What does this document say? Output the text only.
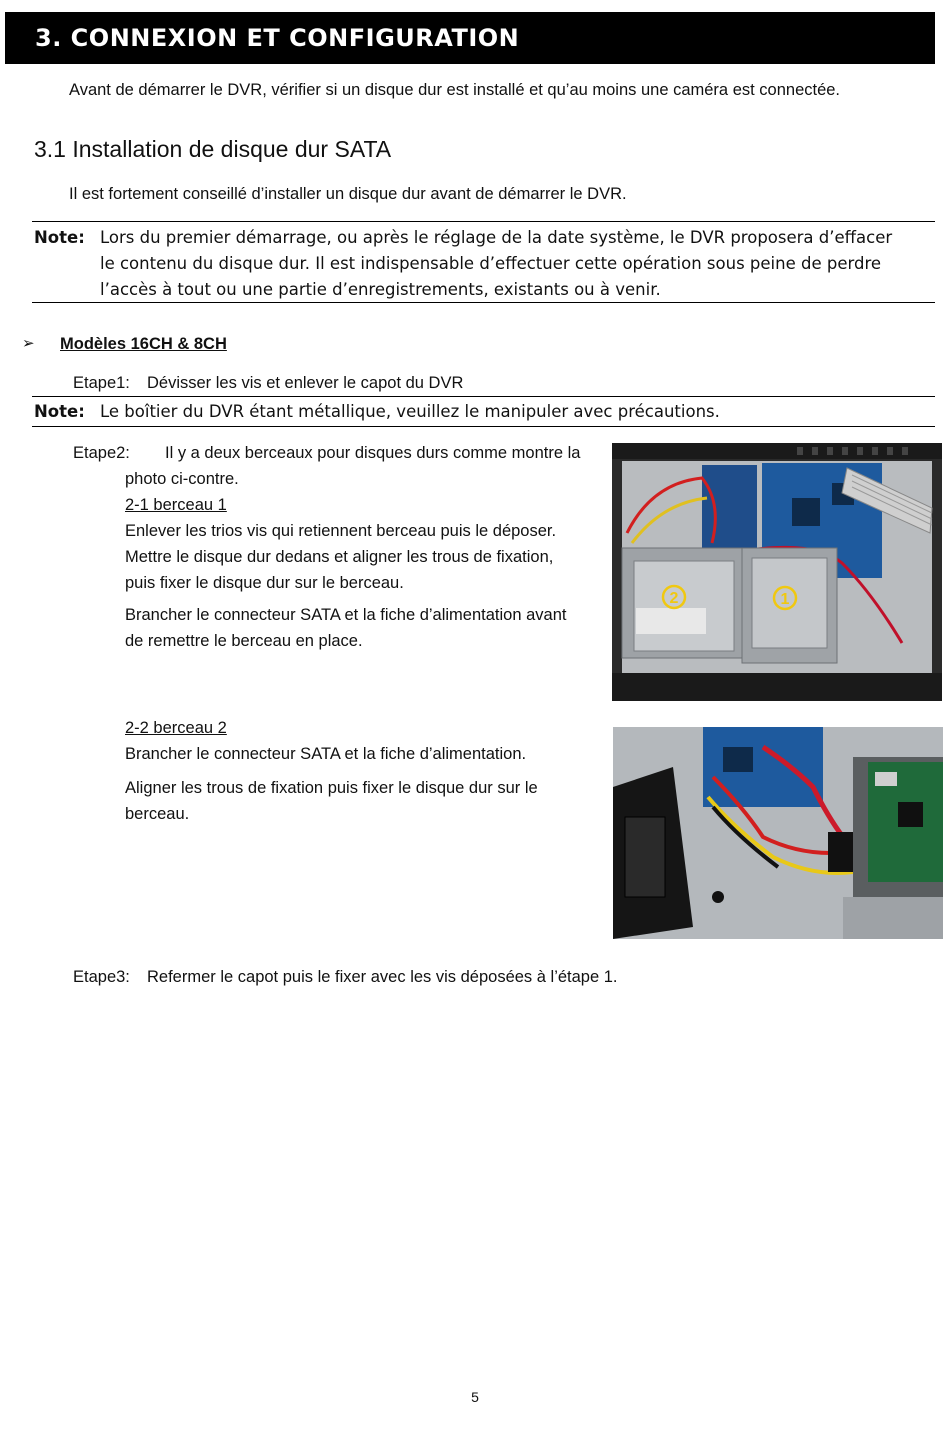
3. CONNEXION ET CONFIGURATION
Avant de démarrer le DVR, vérifier si un disque dur est installé et qu’au moins une caméra est connectée.
3.1 Installation de disque dur SATA
Il est fortement conseillé d’installer un disque dur avant de démarrer le DVR.
Note: Lors du premier démarrage, ou après le réglage de la date système, le DVR proposera d’effacer
le contenu du disque dur. Il est indispensable d’effectuer cette opération sous peine de perdre
l’accès à tout ou une partie d’enregistrements, existants ou à venir.
➢ Modèles 16CH & 8CH
Etape1: Dévisser les vis et enlever le capot du DVR
Note: Le boîtier du DVR étant métallique, veuillez le manipuler avec précautions.
Etape2: Il y a deux berceaux pour disques durs comme montre la
photo ci-contre.
2-1 berceau 1
Enlever les trios vis qui retiennent berceau puis le déposer.
Mettre le disque dur dedans et aligner les trous de fixation,
puis fixer le disque dur sur le berceau.
Brancher le connecteur SATA et la fiche d’alimentation avant
de remettre le berceau en place.
2	1
2-2 berceau 2
Brancher le connecteur SATA et la fiche d’alimentation.
Aligner les trous de fixation puis fixer le disque dur sur le
berceau.
Etape3: Refermer le capot puis le fixer avec les vis déposées à l’étape 1.
5
